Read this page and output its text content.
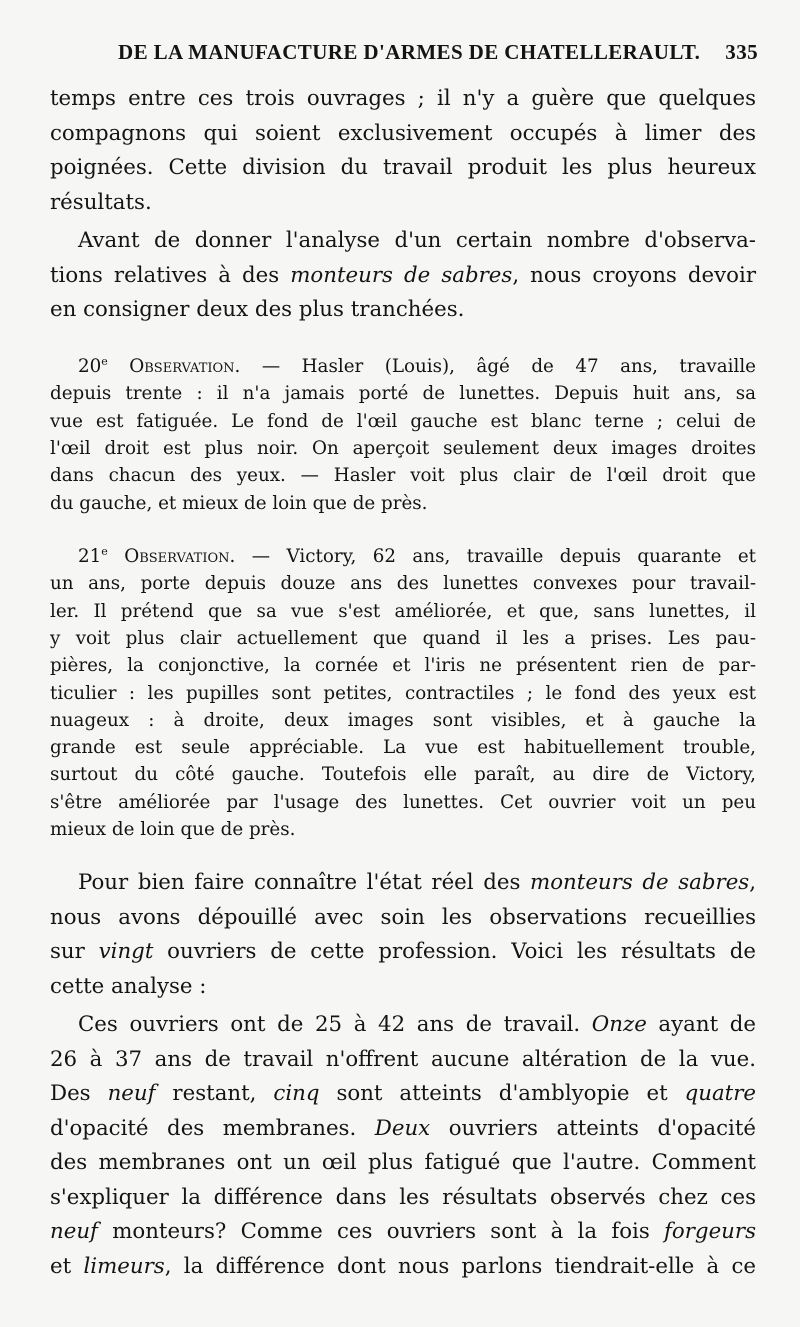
DE LA MANUFACTURE D'ARMES DE CHATELLERAULT. 335
temps entre ces trois ouvrages ; il n'y a guère que quelques
compagnons qui soient exclusivement occupés à limer des
poignées. Cette division du travail produit les plus heureux
résultats.
Avant de donner l'analyse d'un certain nombre d'observa-
tions relatives à des monteurs de sabres, nous croyons devoir
en consigner deux des plus tranchées.
20e Observation. — Hasler (Louis), âgé de 47 ans, travaille
depuis trente : il n'a jamais porté de lunettes. Depuis huit ans, sa
vue est fatiguée. Le fond de l'œil gauche est blanc terne ; celui de
l'œil droit est plus noir. On aperçoit seulement deux images droites
dans chacun des yeux. — Hasler voit plus clair de l'œil droit que
du gauche, et mieux de loin que de près.
21e Observation. — Victory, 62 ans, travaille depuis quarante et
un ans, porte depuis douze ans des lunettes convexes pour travail-
ler. Il prétend que sa vue s'est améliorée, et que, sans lunettes, il
y voit plus clair actuellement que quand il les a prises. Les pau-
pières, la conjonctive, la cornée et l'iris ne présentent rien de par-
ticulier : les pupilles sont petites, contractiles ; le fond des yeux est
nuageux : à droite, deux images sont visibles, et à gauche la
grande est seule appréciable. La vue est habituellement trouble,
surtout du côté gauche. Toutefois elle paraît, au dire de Victory,
s'être améliorée par l'usage des lunettes. Cet ouvrier voit un peu
mieux de loin que de près.
Pour bien faire connaître l'état réel des monteurs de sabres,
nous avons dépouillé avec soin les observations recueillies
sur vingt ouvriers de cette profession. Voici les résultats de
cette analyse :
Ces ouvriers ont de 25 à 42 ans de travail. Onze ayant de
26 à 37 ans de travail n'offrent aucune altération de la vue.
Des neuf restant, cinq sont atteints d'amblyopie et quatre
d'opacité des membranes. Deux ouvriers atteints d'opacité
des membranes ont un œil plus fatigué que l'autre. Comment
s'expliquer la différence dans les résultats observés chez ces
neuf monteurs? Comme ces ouvriers sont à la fois forgeurs
et limeurs, la différence dont nous parlons tiendrait-elle à ce
